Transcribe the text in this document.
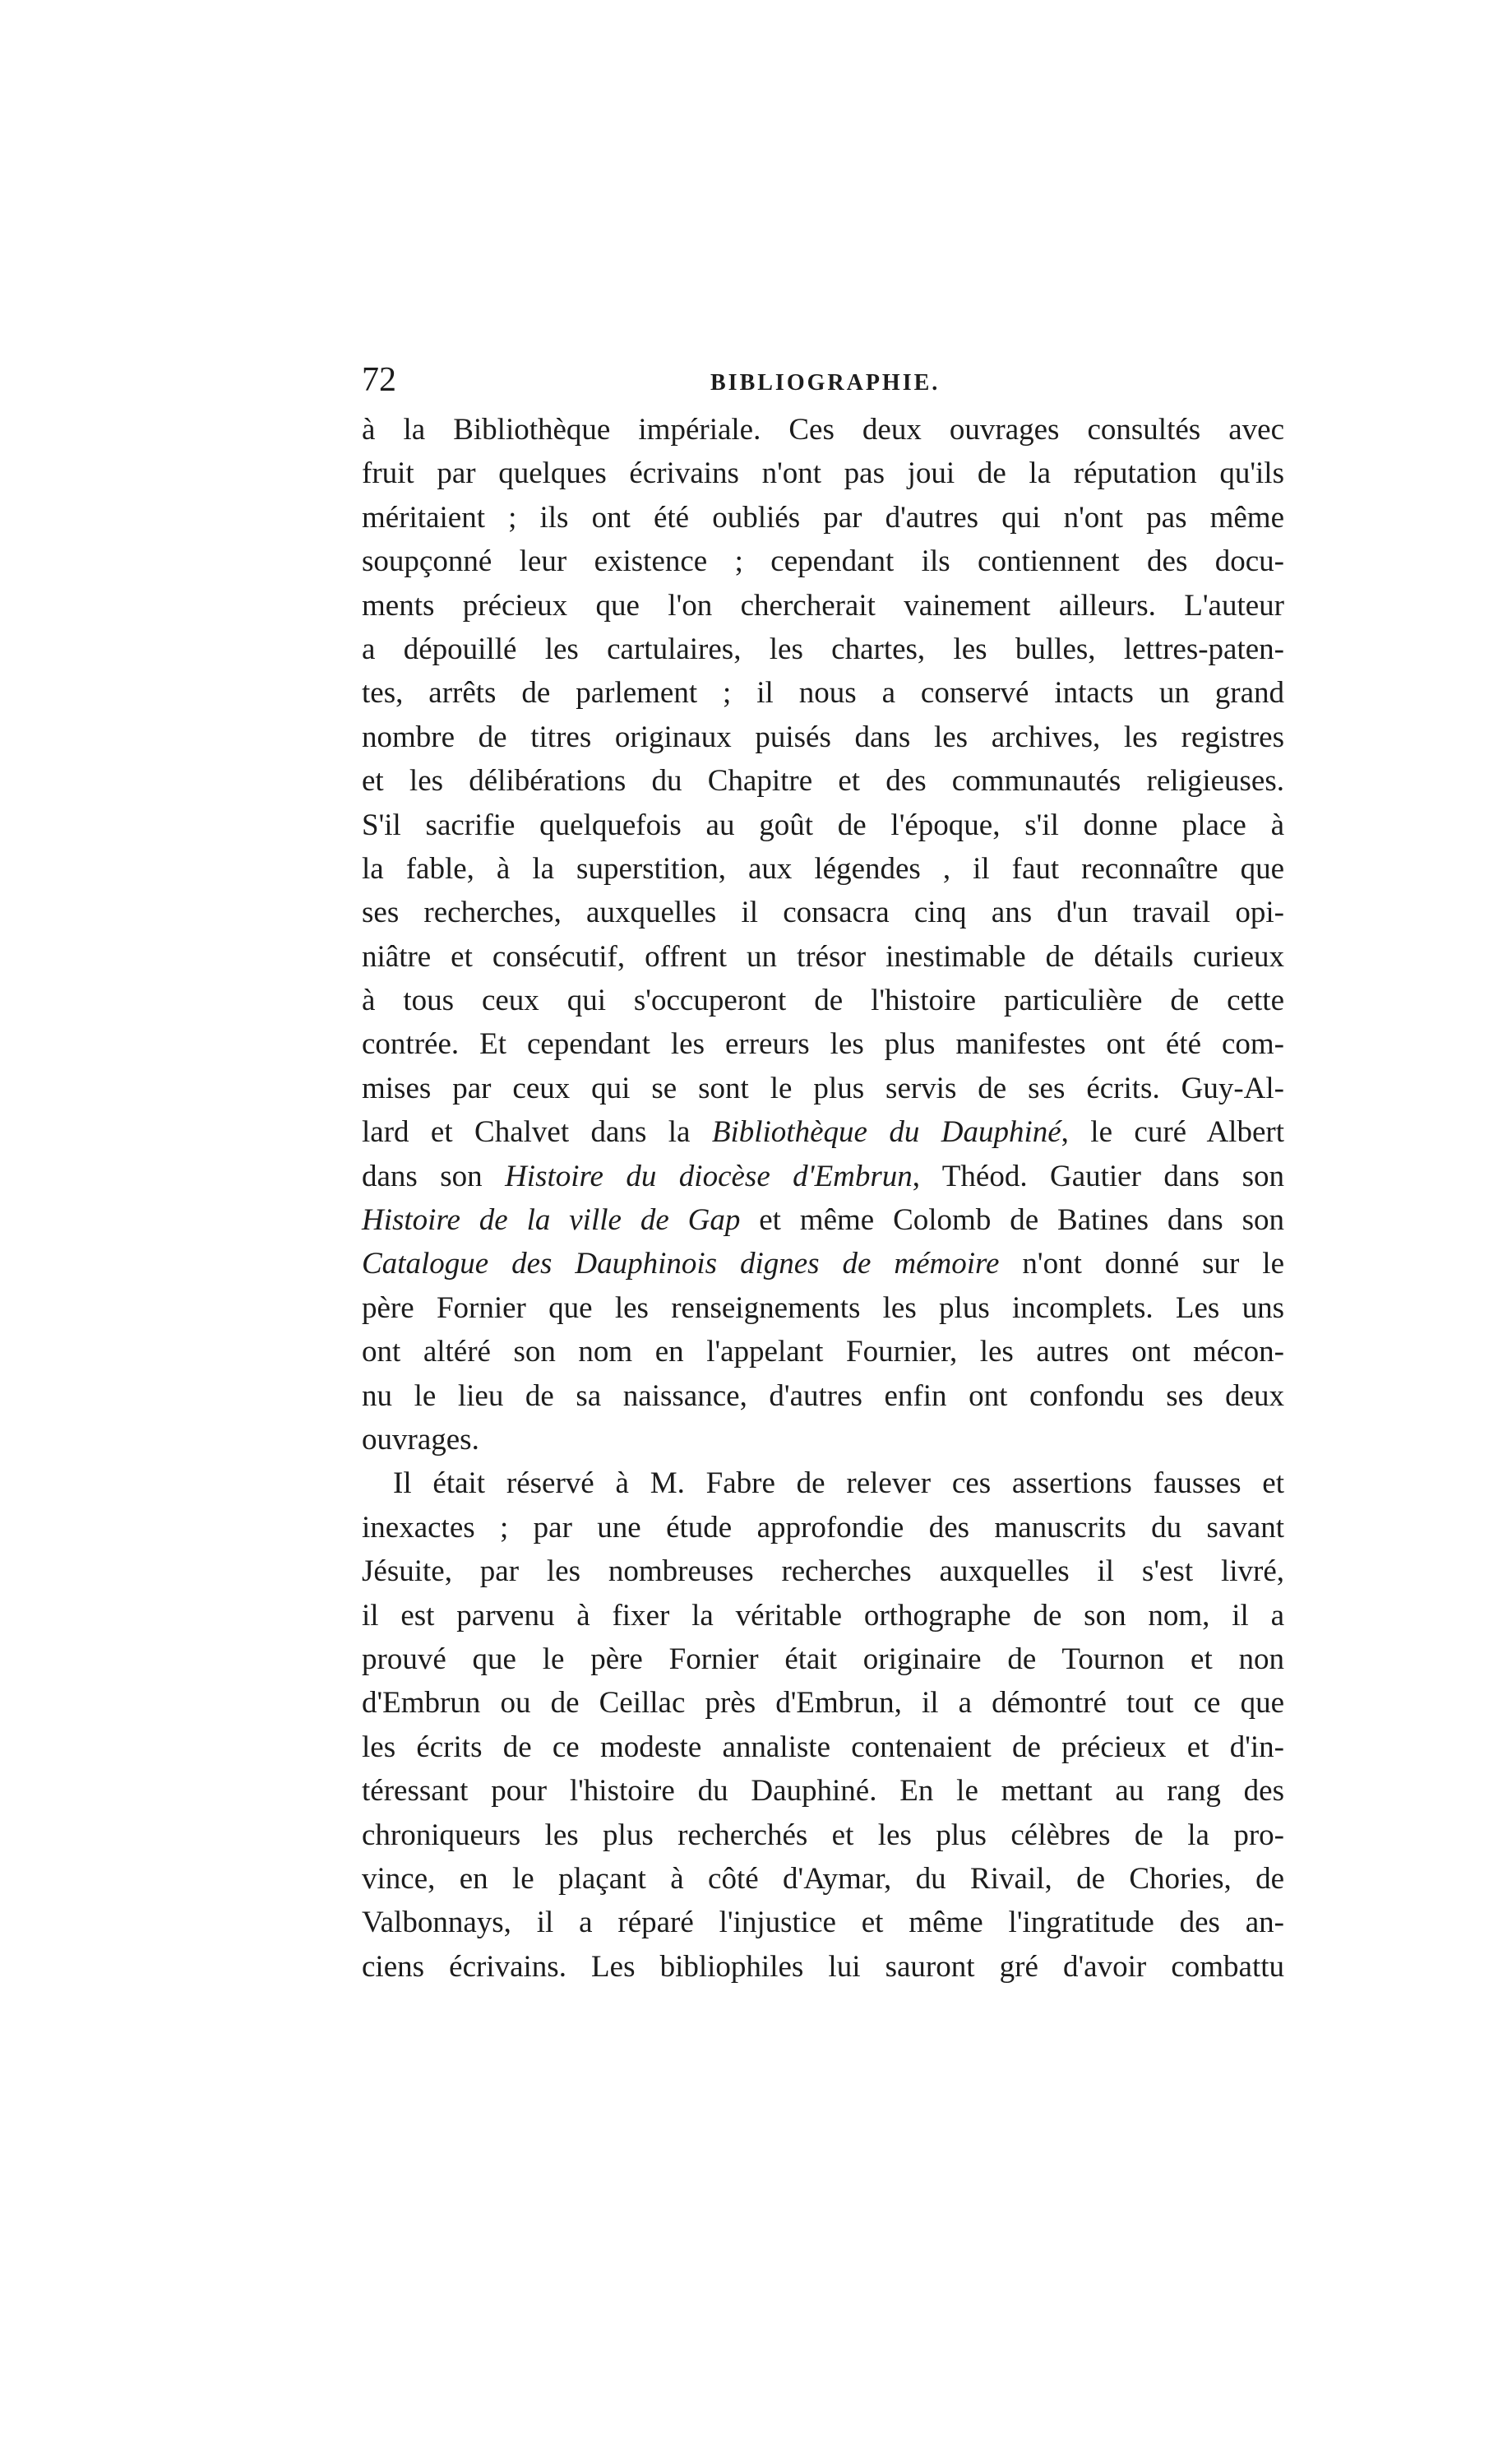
72	BIBLIOGRAPHIE.
à la Bibliothèque impériale. Ces deux ouvrages consultés avec
fruit par quelques écrivains n'ont pas joui de la réputation qu'ils
méritaient ; ils ont été oubliés par d'autres qui n'ont pas même
soupçonné leur existence ; cependant ils contiennent des docu-
ments précieux que l'on chercherait vainement ailleurs. L'auteur
a dépouillé les cartulaires, les chartes, les bulles, lettres-paten-
tes, arrêts de parlement ; il nous a conservé intacts un grand
nombre de titres originaux puisés dans les archives, les registres
et les délibérations du Chapitre et des communautés religieuses.
S'il sacrifie quelquefois au goût de l'époque, s'il donne place à
la fable, à la superstition, aux légendes , il faut reconnaître que
ses recherches, auxquelles il consacra cinq ans d'un travail opi-
niâtre et consécutif, offrent un trésor inestimable de détails curieux
à tous ceux qui s'occuperont de l'histoire particulière de cette
contrée. Et cependant les erreurs les plus manifestes ont été com-
mises par ceux qui se sont le plus servis de ses écrits. Guy-Al-
lard et Chalvet dans la Bibliothèque du Dauphiné, le curé Albert
dans son Histoire du diocèse d'Embrun, Théod. Gautier dans son
Histoire de la ville de Gap et même Colomb de Batines dans son
Catalogue des Dauphinois dignes de mémoire n'ont donné sur le
père Fornier que les renseignements les plus incomplets. Les uns
ont altéré son nom en l'appelant Fournier, les autres ont mécon-
nu le lieu de sa naissance, d'autres enfin ont confondu ses deux
ouvrages.
Il était réservé à M. Fabre de relever ces assertions fausses et
inexactes ; par une étude approfondie des manuscrits du savant
Jésuite, par les nombreuses recherches auxquelles il s'est livré,
il est parvenu à fixer la véritable orthographe de son nom, il a
prouvé que le père Fornier était originaire de Tournon et non
d'Embrun ou de Ceillac près d'Embrun, il a démontré tout ce que
les écrits de ce modeste annaliste contenaient de précieux et d'in-
téressant pour l'histoire du Dauphiné. En le mettant au rang des
chroniqueurs les plus recherchés et les plus célèbres de la pro-
vince, en le plaçant à côté d'Aymar, du Rivail, de Chories, de
Valbonnays, il a réparé l'injustice et même l'ingratitude des an-
ciens écrivains. Les bibliophiles lui sauront gré d'avoir combattu
